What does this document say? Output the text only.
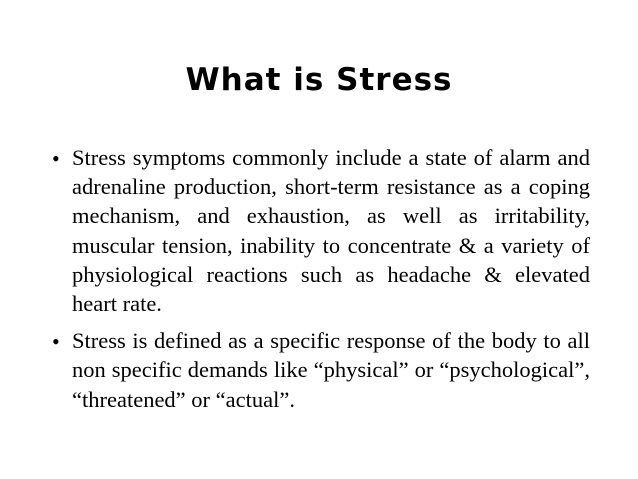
What is Stress
• Stress symptoms commonly include a state of alarm and adrenaline production, short-term resistance as a coping mechanism, and exhaustion, as well as irritability, muscular tension, inability to concentrate & a variety of physiological reactions such as headache & elevated heart rate.
• Stress is defined as a specific response of the body to all non specific demands like “physical” or “psychological”, “threatened” or “actual”.
